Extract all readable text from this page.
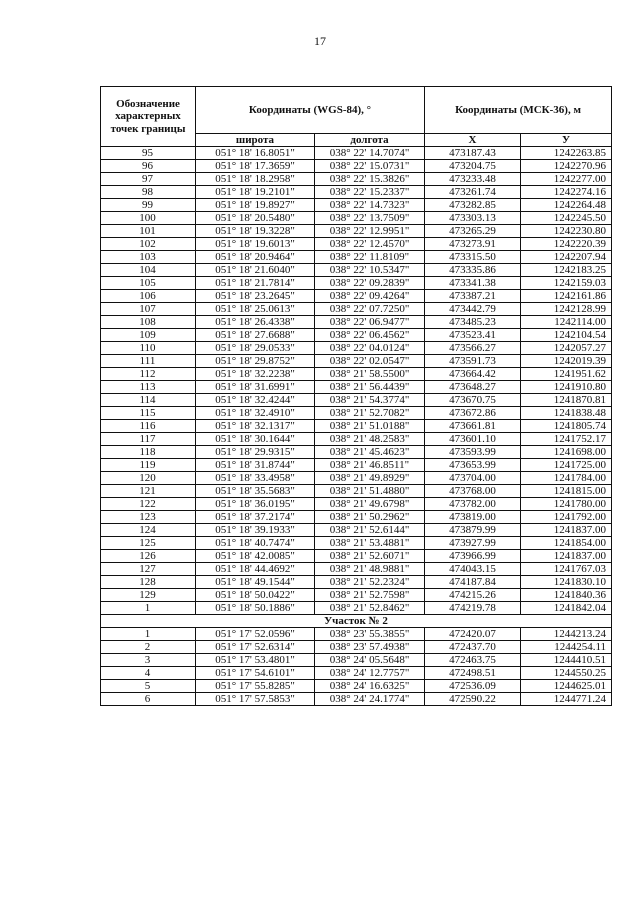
17
Обозначение характерных точек границы	Координаты (WGS-84), °		Координаты (МСК-36), м	
	широта	долгота	X	У
95	051° 18' 16.8051"	038° 22' 14.7074"	473187.43	1242263.85
96	051° 18' 17.3659"	038° 22' 15.0731"	473204.75	1242270.96
97	051° 18' 18.2958"	038° 22' 15.3826"	473233.48	1242277.00
98	051° 18' 19.2101"	038° 22' 15.2337"	473261.74	1242274.16
99	051° 18' 19.8927"	038° 22' 14.7323"	473282.85	1242264.48
100	051° 18' 20.5480"	038° 22' 13.7509"	473303.13	1242245.50
101	051° 18' 19.3228"	038° 22' 12.9951"	473265.29	1242230.80
102	051° 18' 19.6013"	038° 22' 12.4570"	473273.91	1242220.39
103	051° 18' 20.9464"	038° 22' 11.8109"	473315.50	1242207.94
104	051° 18' 21.6040"	038° 22' 10.5347"	473335.86	1242183.25
105	051° 18' 21.7814"	038° 22' 09.2839"	473341.38	1242159.03
106	051° 18' 23.2645"	038° 22' 09.4264"	473387.21	1242161.86
107	051° 18' 25.0613"	038° 22' 07.7250"	473442.79	1242128.99
108	051° 18' 26.4338"	038° 22' 06.9477"	473485.23	1242114.00
109	051° 18' 27.6688"	038° 22' 06.4562"	473523.41	1242104.54
110	051° 18' 29.0533"	038° 22' 04.0124"	473566.27	1242057.27
111	051° 18' 29.8752"	038° 22' 02.0547"	473591.73	1242019.39
112	051° 18' 32.2238"	038° 21' 58.5500"	473664.42	1241951.62
113	051° 18' 31.6991"	038° 21' 56.4439"	473648.27	1241910.80
114	051° 18' 32.4244"	038° 21' 54.3774"	473670.75	1241870.81
115	051° 18' 32.4910"	038° 21' 52.7082"	473672.86	1241838.48
116	051° 18' 32.1317"	038° 21' 51.0188"	473661.81	1241805.74
117	051° 18' 30.1644"	038° 21' 48.2583"	473601.10	1241752.17
118	051° 18' 29.9315"	038° 21' 45.4623"	473593.99	1241698.00
119	051° 18' 31.8744"	038° 21' 46.8511"	473653.99	1241725.00
120	051° 18' 33.4958"	038° 21' 49.8929"	473704.00	1241784.00
121	051° 18' 35.5683"	038° 21' 51.4880"	473768.00	1241815.00
122	051° 18' 36.0195"	038° 21' 49.6798"	473782.00	1241780.00
123	051° 18' 37.2174"	038° 21' 50.2962"	473819.00	1241792.00
124	051° 18' 39.1933"	038° 21' 52.6144"	473879.99	1241837.00
125	051° 18' 40.7474"	038° 21' 53.4881"	473927.99	1241854.00
126	051° 18' 42.0085"	038° 21' 52.6071"	473966.99	1241837.00
127	051° 18' 44.4692"	038° 21' 48.9881"	474043.15	1241767.03
128	051° 18' 49.1544"	038° 21' 52.2324"	474187.84	1241830.10
129	051° 18' 50.0422"	038° 21' 52.7598"	474215.26	1241840.36
1	051° 18' 50.1886"	038° 21' 52.8462"	474219.78	1241842.04
Участок № 2				
1	051° 17' 52.0596"	038° 23' 55.3855"	472420.07	1244213.24
2	051° 17' 52.6314"	038° 23' 57.4938"	472437.70	1244254.11
3	051° 17' 53.4801"	038° 24' 05.5648"	472463.75	1244410.51
4	051° 17' 54.6101"	038° 24' 12.7757"	472498.51	1244550.25
5	051° 17' 55.8285"	038° 24' 16.6325"	472536.09	1244625.01
6	051° 17' 57.5853"	038° 24' 24.1774"	472590.22	1244771.24
